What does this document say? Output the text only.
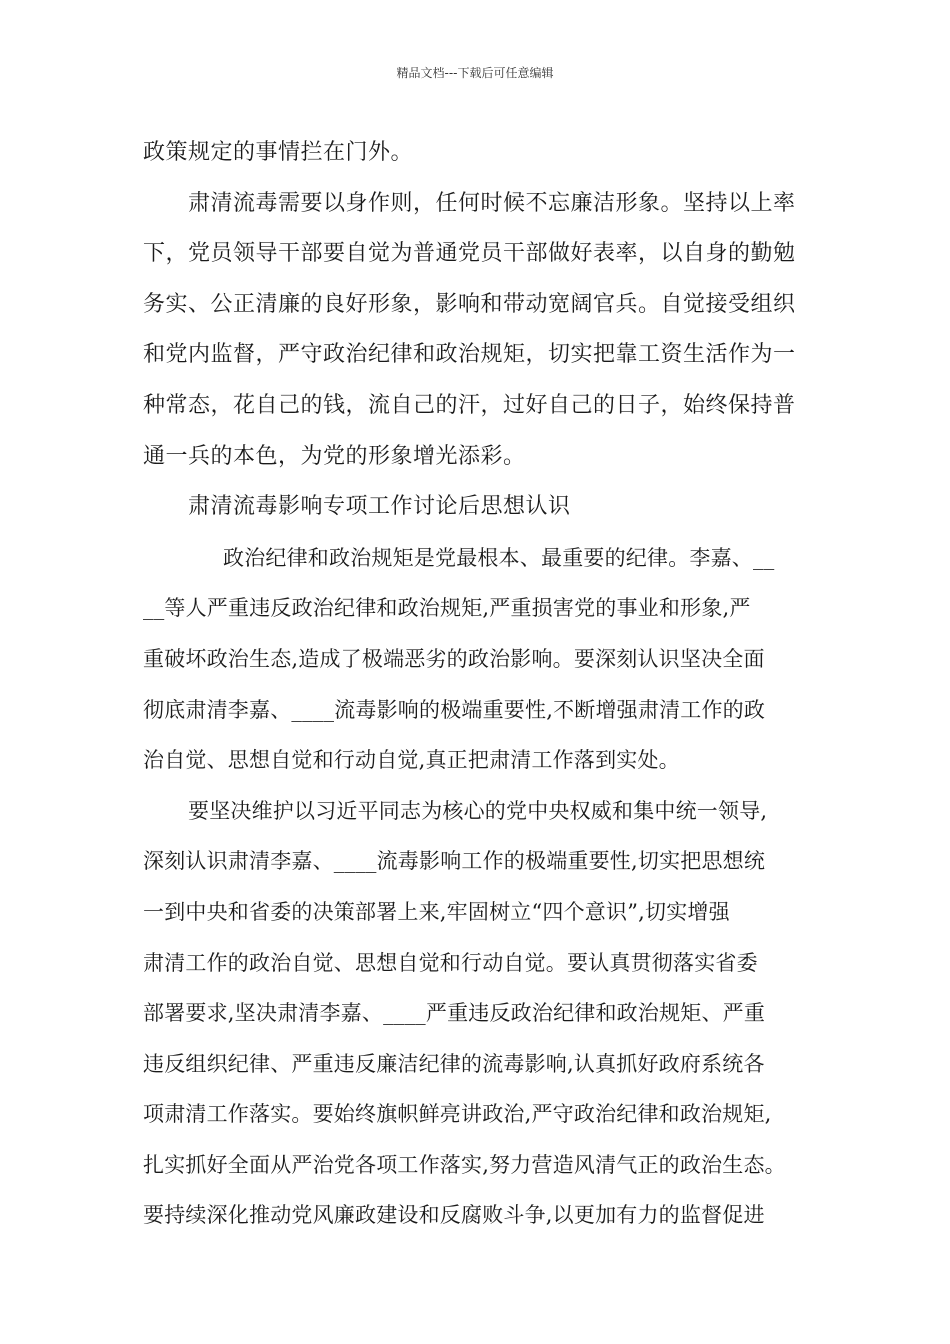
精品文档---下载后可任意编辑
政策规定的事情拦在门外。
肃清流毒需要以身作则，任何时候不忘廉洁形象。坚持以上率
下，党员领导干部要自觉为普通党员干部做好表率，以自身的勤勉
务实、公正清廉的良好形象，影响和带动宽阔官兵。自觉接受组织
和党内监督，严守政治纪律和政治规矩，切实把靠工资生活作为一
种常态，花自己的钱，流自己的汗，过好自己的日子，始终保持普
通一兵的本色，为党的形象增光添彩。
肃清流毒影响专项工作讨论后思想认识
政治纪律和政治规矩是党最根本、最重要的纪律。李嘉、__
__等人严重违反政治纪律和政治规矩,严重损害党的事业和形象,严
重破坏政治生态,造成了极端恶劣的政治影响。要深刻认识坚决全面
彻底肃清李嘉、____流毒影响的极端重要性,不断增强肃清工作的政
治自觉、思想自觉和行动自觉,真正把肃清工作落到实处。
要坚决维护以习近平同志为核心的党中央权威和集中统一领导,
深刻认识肃清李嘉、____流毒影响工作的极端重要性,切实把思想统
一到中央和省委的决策部署上来,牢固树立“四个意识”,切实增强
肃清工作的政治自觉、思想自觉和行动自觉。要认真贯彻落实省委
部署要求,坚决肃清李嘉、____严重违反政治纪律和政治规矩、严重
违反组织纪律、严重违反廉洁纪律的流毒影响,认真抓好政府系统各
项肃清工作落实。要始终旗帜鲜亮讲政治,严守政治纪律和政治规矩,
扎实抓好全面从严治党各项工作落实,努力营造风清气正的政治生态。
要持续深化推动党风廉政建设和反腐败斗争,以更加有力的监督促进
